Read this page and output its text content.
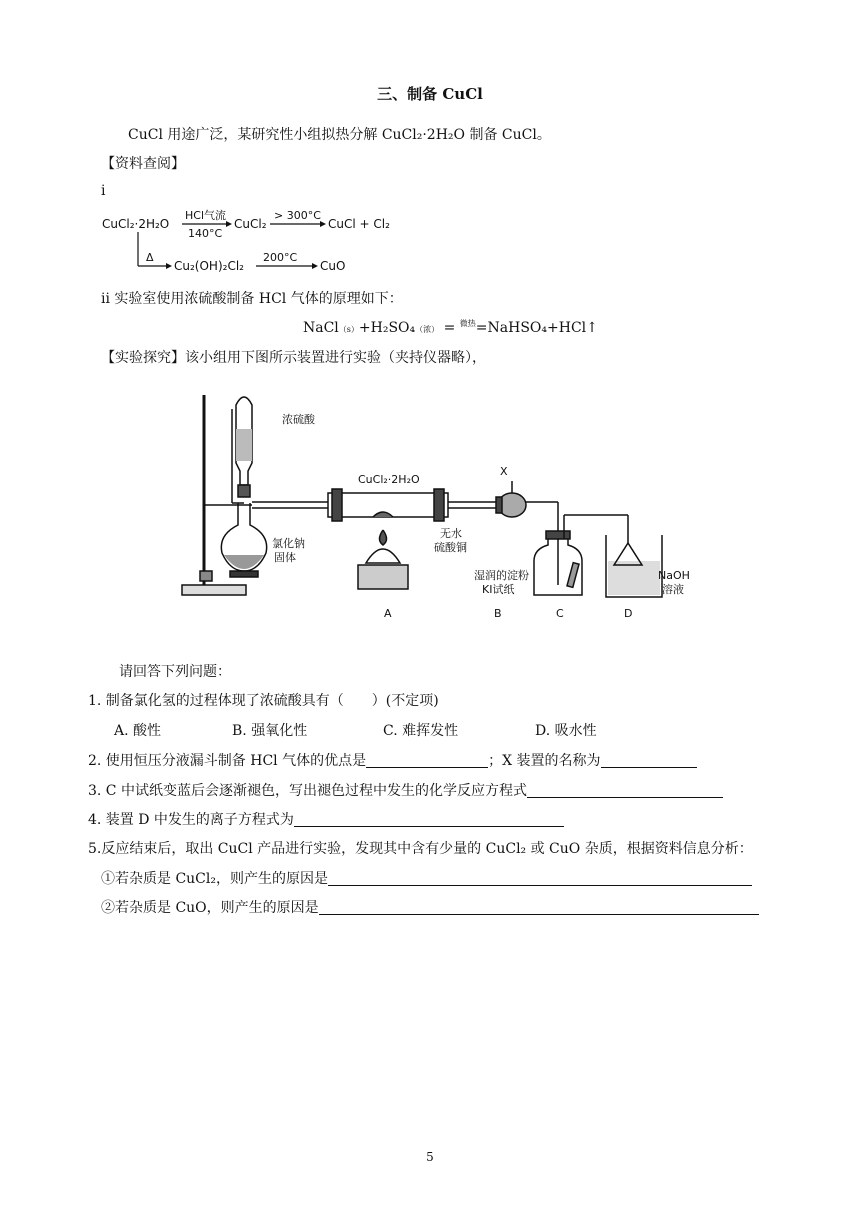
三、制备 CuCl
CuCl 用途广泛，某研究性小组拟热分解 CuCl₂·2H₂O 制备 CuCl。
【资料查阅】
i
CuCl₂·2H₂O
HCl气流
140°C
CuCl₂
> 300°C
CuCl + Cl₂
Δ
Cu₂(OH)₂Cl₂
200°C
CuO
ii 实验室使用浓硫酸制备 HCl 气体的原理如下：
NaCl（s）+H₂SO₄（浓） = $^{微热}$=NaHSO₄+HCl↑
【实验探究】该小组用下图所示装置进行实验（夹持仪器略），
浓硫酸
氯化钠
固体
CuCl₂·2H₂O
无水
硫酸铜
X
湿润的淀粉
KI试纸
NaOH
溶液
A	B	C	D
请回答下列问题：
1. 制备氯化氢的过程体现了浓硫酸具有（　　）(不定项)
A. 酸性	B. 强氧化性	C. 难挥发性	D. 吸水性
2. 使用恒压分液漏斗制备 HCl 气体的优点是	；X 装置的名称为
3. C 中试纸变蓝后会逐渐褪色，写出褪色过程中发生的化学反应方程式
4. 装置 D 中发生的离子方程式为
5.反应结束后，取出 CuCl 产品进行实验，发现其中含有少量的 CuCl₂ 或 CuO 杂质，根据资料信息分析：
①若杂质是 CuCl₂，则产生的原因是
②若杂质是 CuO，则产生的原因是
5
